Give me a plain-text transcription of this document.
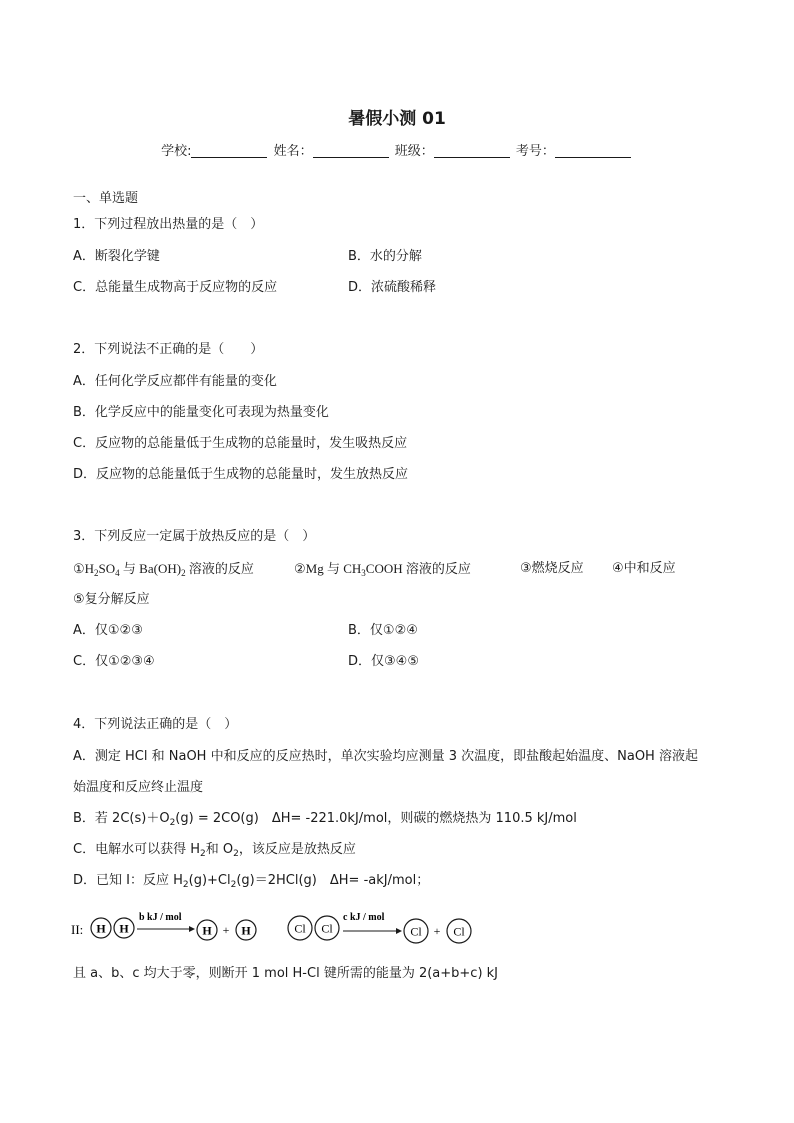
暑假小测 01
学校:	姓名：	班级：	考号：
一、单选题
1．下列过程放出热量的是（　）
A．断裂化学键	B．水的分解
C．总能量生成物高于反应物的反应	D．浓硫酸稀释
2．下列说法不正确的是（　　）
A．任何化学反应都伴有能量的变化
B．化学反应中的能量变化可表现为热量变化
C．反应物的总能量低于生成物的总能量时，发生吸热反应
D．反应物的总能量低于生成物的总能量时，发生放热反应
3．下列反应一定属于放热反应的是（　）
$①H_2SO_4$ 与 $Ba(OH)_2$ 溶液的反应	②Mg 与 $CH_3COOH$ 溶液的反应	③燃烧反应 ④中和反应
⑤复分解反应
A．仅①②③	B．仅①②④
C．仅①②③④	D．仅③④⑤
4．下列说法正确的是（　）
A．测定 HCl 和 NaOH 中和反应的反应热时，单次实验均应测量 3 次温度，即盐酸起始温度、NaOH 溶液起
始温度和反应终止温度
B．若 $2C(s)+O_2(g) = 2CO(g)$　ΔH= -221.0kJ/mol，则碳的燃烧热为 110.5 kJ/mol
C．电解水可以获得 $H_2$和 $O_2$，该反应是放热反应
D．已知 I：反应 $H_2(g)+Cl_2(g)=2HCl(g)$　ΔH= -akJ/mol；
II: H H
b kJ / mol
H + H	Cl Cl
c kJ / mol
Cl + Cl
且 a、b、c 均大于零，则断开 1 mol H-Cl 键所需的能量为 2(a+b+c) kJ
